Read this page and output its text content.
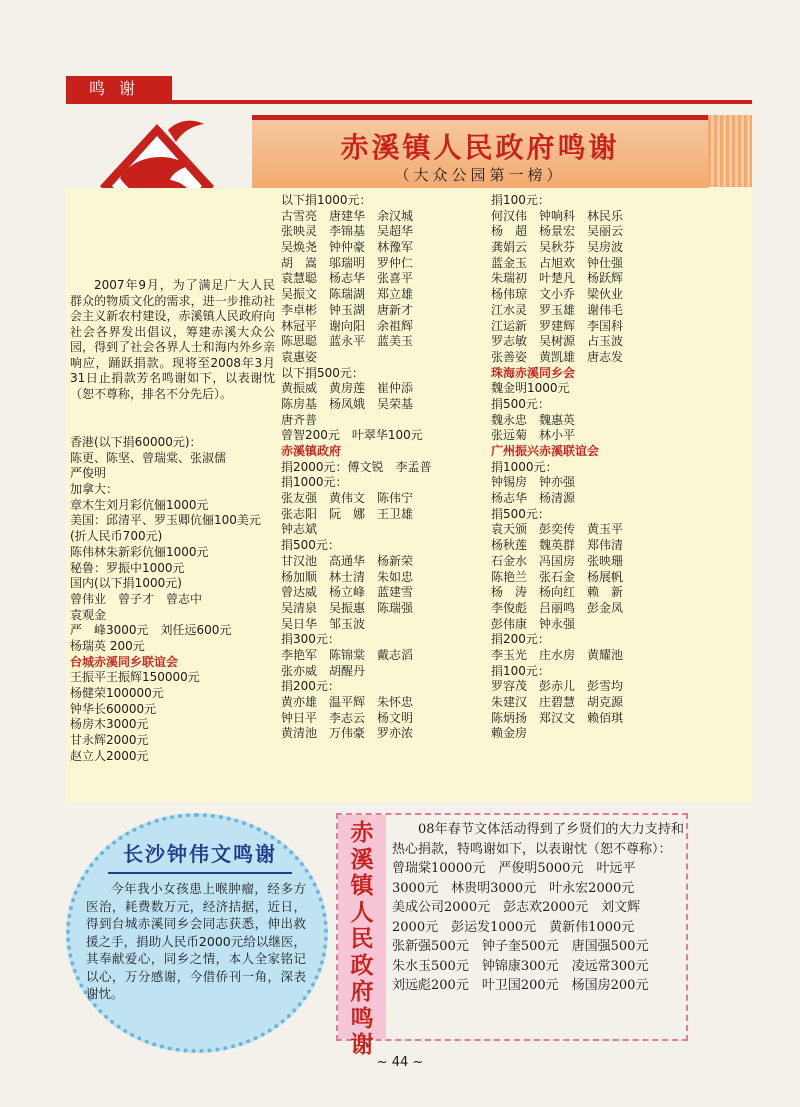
鸣谢
赤溪镇人民政府鸣谢
（大众公园第一榜）
2007年9月，为了满足广大人民群众的物质文化的需求，进一步推动社会主义新农村建设，赤溪镇人民政府向社会各界发出倡议，筹建赤溪大众公园，得到了社会各界人士和海内外乡亲响应，踊跃捐款。现将至2008年3月31日止捐款芳名鸣谢如下，以表谢忱（恕不尊称，排名不分先后）。
香港(以下捐60000元)：
陈更、陈坚、曾瑞棠、张淑儒
严俊明
加拿大：
章木生刘月彩伉俪1000元
美国：邱清平、罗玉卿伉俪100美元
(折人民币700元)
陈伟林朱新彩伉俪1000元
秘鲁：罗振中1000元
国内(以下捐1000元)
曾伟业　曾子才　曾志中
袁观金
严　峰3000元　刘任远600元
杨瑞英 200元
台城赤溪同乡联谊会
王振平王振辉150000元
杨健荣100000元
钟华长60000元
杨房木3000元
甘永辉2000元
赵立人2000元
以下捐1000元：
古雪亮　唐建华　余汉城
张映灵　李锦基　吴超华
吴焕尧　钟仲豪　林豫军
胡　嵩　邬瑞明　罗仲仁
袁慧聪　杨志华　张喜平
吴振文　陈瑞湖　郑立雄
李卓彬　钟玉湖　唐新才
林冠平　谢向阳　余祖辉
陈思聪　蓝永平　蓝美玉
袁惠姿
以下捐500元：
黄振威　黄房莲　崔仲添
陈房基　杨凤娥　吴荣基
唐齐普
曾智200元　叶翠华100元
赤溪镇政府
捐2000元：傅文锐　李孟普
捐1000元：
张友强　黄伟文　陈伟宁
张志阳　阮　娜　王卫雄
钟志斌
捐500元：
甘汉池　高通华　杨新荣
杨加顺　林士清　朱如忠
曾达威　杨立峰　蓝建雪
吴清泉　吴振惠　陈瑞强
吴日华　邹玉波
捐300元：
李艳军　陈锦棠　戴志滔
张亦威　胡醒丹
捐200元：
黄亦雄　温平辉　朱怀忠
钟日平　李志云　杨文明
黄清池　万伟豪　罗亦浓
捐100元：
何汉伟　钟响科　林民乐
杨　超　杨景宏　吴丽云
龚娟云　吴秋芬　吴房波
蓝金玉　占旭欢　钟仕强
朱瑞初　叶楚凡　杨跃辉
杨伟琼　文小乔　梁伙业
江水灵　罗玉雄　谢伟毛
江运新　罗建辉　李国科
罗志敏　吴树源　占玉波
张善姿　黄凯雄　唐志发
珠海赤溪同乡会
魏金明1000元
捐500元：
魏永忠　魏惠英
张远菊　林小平
广州振兴赤溪联谊会
捐1000元：
钟锡房　钟亦强
杨志华　杨清源
捐500元：
袁天颁　彭奕传　黄玉平
杨秋莲　魏英群　郑伟清
石金水　冯国房　张映珊
陈艳兰　张石金　杨展帆
杨　涛　杨向红　赖　新
李俊彪　吕丽鸣　彭金凤
彭伟康　钟永强
捐200元：
李玉光　庄水房　黄耀池
捐100元：
罗容茂　彭赤儿　彭雪均
朱建汉　庄碧慧　胡克源
陈炳扬　郑汉文　赖佰琪
赖金房
长沙钟伟文鸣谢
今年我小女孩患上喉肿瘤，经多方医治，耗费数万元，经济拮据，近日，得到台城赤溪同乡会同志获悉，伸出救援之手，捐助人民币2000元给以继医，其奉献爱心，同乡之情，本人全家铭记以心，万分感谢，今借侨刊一角，深表谢忱。
赤
溪
镇
人
民
政
府
鸣
谢
08年春节文体活动得到了乡贤们的大力支持和热心捐款，特鸣谢如下，以表谢忱（恕不尊称）：
曾瑞棠10000元　严俊明5000元　叶远平
3000元　林贵明3000元　叶永宏2000元
美成公司2000元　彭志欢2000元　刘文辉
2000元　彭运发1000元　黄新伟1000元
张新强500元　钟子奎500元　唐国强500元
朱水玉500元　钟锦康300元　凌远常300元
刘远彪200元　叶卫国200元　杨国房200元
~ 44 ~
